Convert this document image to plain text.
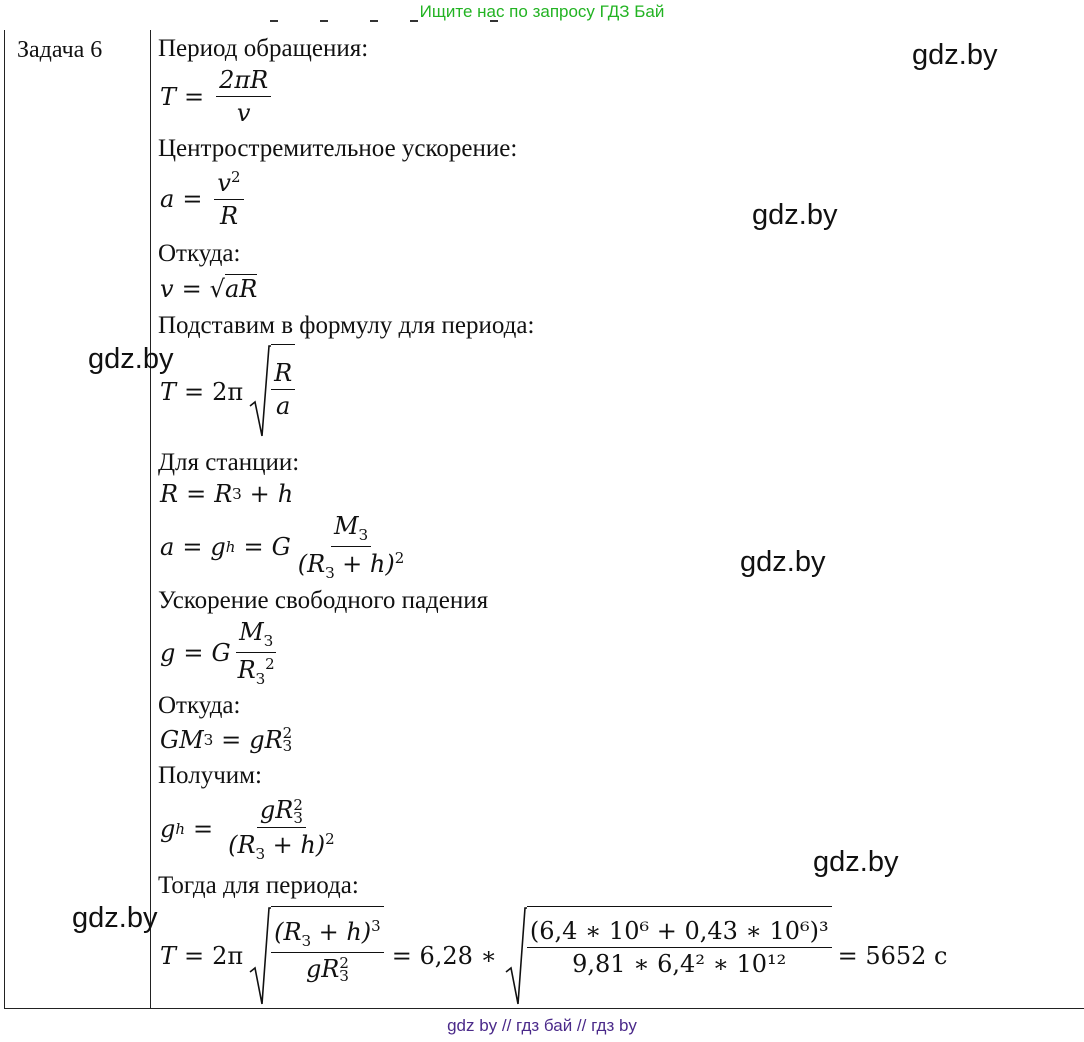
Ищите нас по запросу ГДЗ Бай
Задача 6 Период обращения:
Центростремительное ускорение:
Откуда:
Подставим в формулу для периода:
Для станции:
Ускорение свободного падения
Откуда:
Получим:
Тогда для периода:
$T = \frac{2\pi R}{v}$
$a = \frac{v^2}{R}$
v = √ aR
$T = 2\pi \frac{R}{a}$
R = R З + h
a = g h = G $\frac{M_З}{(R_З + h)^2}$
g = G $\frac{M_З}{R_З^2}$
GM З = gR 2
З
g h = gR 2
З
$(R_З + h)^2$
T = 2π $(R_З + h)^3$
gR 2
З = 6,28 ∗ $\frac{\text{(6,4 ∗ 10⁶ + 0,43 ∗ 10⁶)³}}{\text{9,81 ∗ 6,4² ∗ 10¹²}} = 5652$ с
gdz.by
gdz.by
gdz.by
gdz.by
gdz.by
gdz.by
gdz by // гдз бай // гдз by
